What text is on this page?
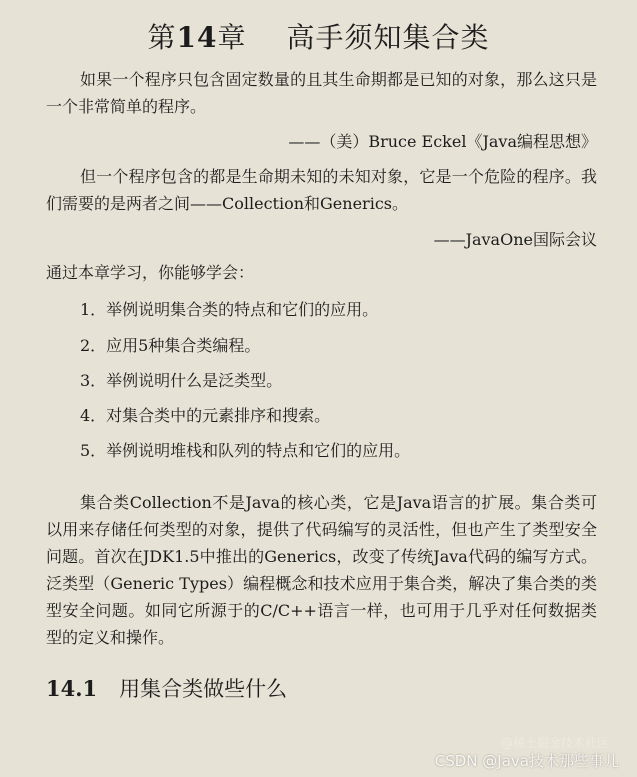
第14章 高手须知集合类
如果一个程序只包含固定数量的且其生命期都是已知的对象，那么这只是一个非常简单的程序。
——（美）Bruce Eckel《Java编程思想》
但一个程序包含的都是生命期未知的未知对象，它是一个危险的程序。我们需要的是两者之间——Collection和Generics。
——JavaOne国际会议
通过本章学习，你能够学会：
1．举例说明集合类的特点和它们的应用。
2．应用5种集合类编程。
3．举例说明什么是泛类型。
4．对集合类中的元素排序和搜索。
5．举例说明堆栈和队列的特点和它们的应用。
集合类Collection不是Java的核心类，它是Java语言的扩展。集合类可以用来存储任何类型的对象，提供了代码编写的灵活性，但也产生了类型安全问题。首次在JDK1.5中推出的Generics，改变了传统Java代码的编写方式。泛类型（Generic Types）编程概念和技术应用于集合类，解决了集合类的类型安全问题。如同它所源于的C/C++语言一样，也可用于几乎对任何数据类型的定义和操作。
14.1 用集合类做些什么
@稀土掘金技术社区
CSDN @Java技术那些事儿
